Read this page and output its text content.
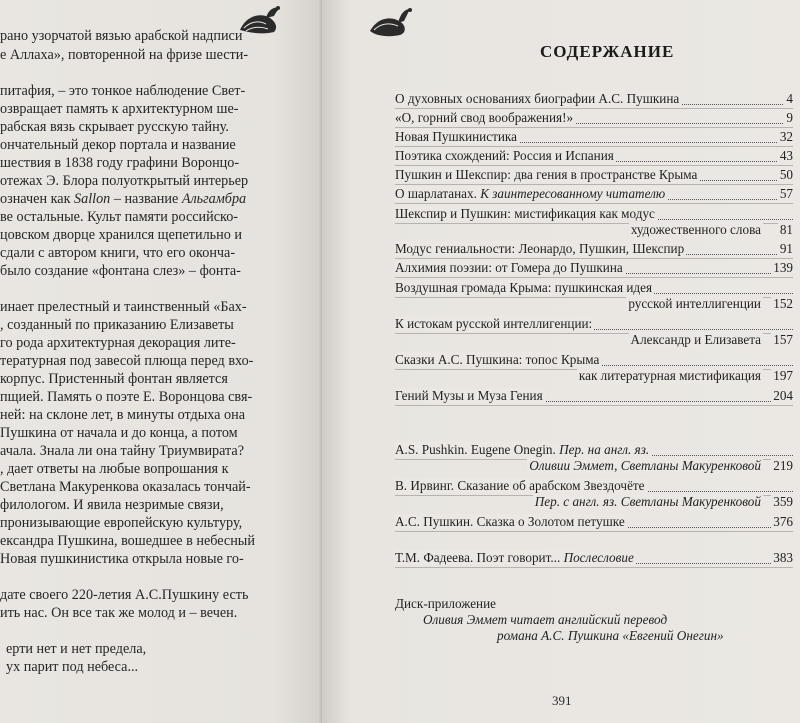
рано узорчатой вязью арабской надписи
е Аллаха», повторенной на фризе шести-
питафия, – это тонкое наблюдение Свет-
озвращает память к архитектурном ше-
рабская вязь скрывает русскую тайну.
ончательный декор портала и название
шествия в 1838 году графини Воронцо-
отежах Э. Блора полуоткрытый интерьер
означен как Sallon – название Альгамбра
ве остальные. Культ памяти российско-
цовском дворце хранился щепетильно и
сдали с автором книги, что его оконча-
было создание «фонтана слез» – фонта-
инает прелестный и таинственный «Бах-
, созданный по приказанию Елизаветы
го рода архитектурная декорация лите-
тературная под завесой плюща перед вхо-
корпус. Пристенный фонтан является
пщией. Память о поэте Е. Воронцова свя-
ней: на склоне лет, в минуты отдыха она
Пушкина от начала и до конца, а потом
ачала. Знала ли она тайну Триумвирата?
, дает ответы на любые вопрошания к
Светлана Макуренкова оказалась тончай-
филологом. И явила незримые связи,
пронизывающие европейскую культуру,
ександра Пушкина, вошедшее в небесный
Новая пушкинистика открыла новые го-
дате своего 220-летия А.С.Пушкину есть
ить нас. Он все так же молод и – вечен.
ерти нет и нет предела,
ух парит под небеса...
СОДЕРЖАНИЕ
О духовных основаниях биографии А.С. Пушкина	4
«О, горний свод воображения!»	9
Новая Пушкинистика	32
Поэтика схождений: Россия и Испания	43
Пушкин и Шекспир: два гения в пространстве Крыма	50
О шарлатанах. К заинтересованному читателю	57
Шекспир и Пушкин: мистификация как модус
художественного слова 81
Модус гениальности: Леонардо, Пушкин, Шекспир	91
Алхимия поэзии: от Гомера до Пушкина	139
Воздушная громада Крыма: пушкинская идея
русской интеллигенции 152
К истокам русской интеллигенции:
Александр и Елизавета 157
Сказки А.С. Пушкина: топос Крыма
как литературная мистификация 197
Гений Музы и Муза Гения	204
A.S. Pushkin. Eugene Onegin. Пер. на англ. яз.
Оливии Эммет, Светланы Макуренковой 219
В. Ирвинг. Сказание об арабском Звездочёте
Пер. с англ. яз. Светланы Макуренковой 359
А.С. Пушкин. Сказка о Золотом петушке	376
Т.М. Фадеева. Поэт говорит... Послесловие	383
Диск-приложение
Оливия Эммет читает английский перевод
романа А.С. Пушкина «Евгений Онегин»
391
